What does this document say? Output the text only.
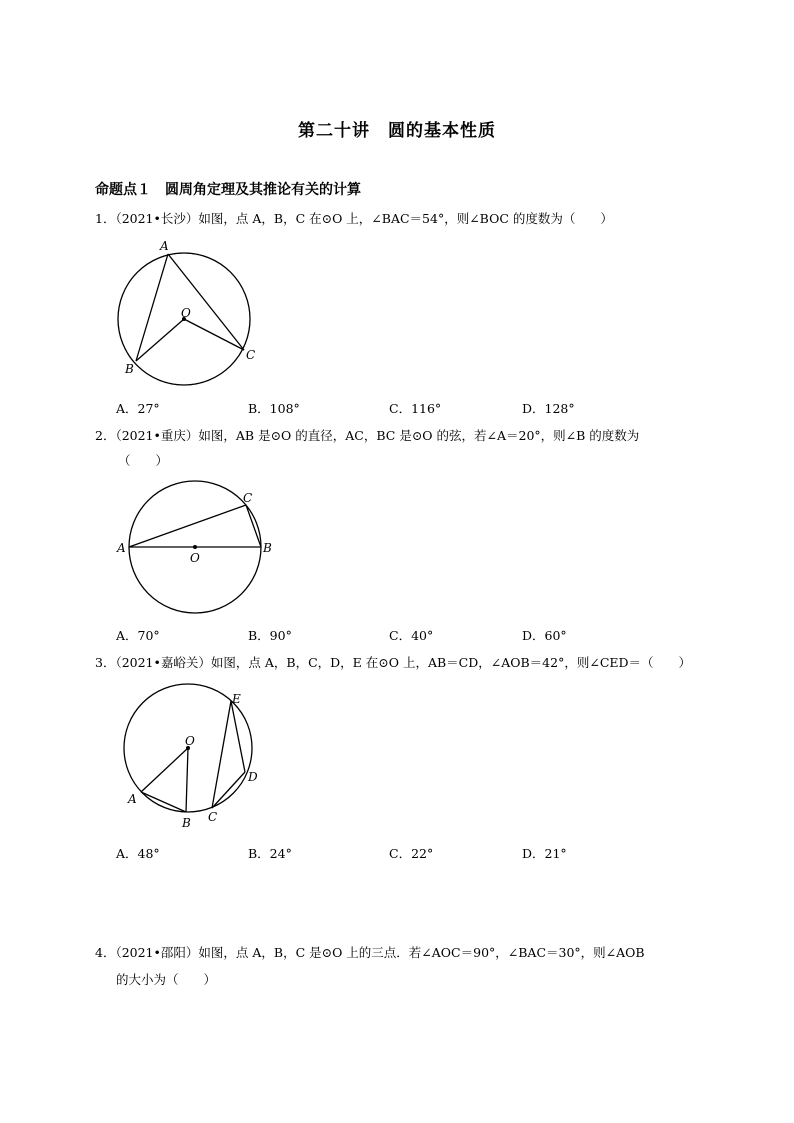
第二十讲　圆的基本性质
命题点１　圆周角定理及其推论有关的计算
1．（2021•长沙）如图，点 A，B，C 在⊙O 上，∠BAC＝54°，则∠BOC 的度数为（　　）
A
O
B
C
A．27°	B．108°	C．116°	D．128°
2．（2021•重庆）如图，AB 是⊙O 的直径，AC，BC 是⊙O 的弦，若∠A＝20°，则∠B 的度数为
（　　）
A	B
C
O
A．70°	B．90°	C．40°	D．60°
3．（2021•嘉峪关）如图，点 A，B，C，D，E 在⊙O 上，AB＝CD，∠AOB＝42°，则∠CED＝（　　）
E
O
D
A
B C
A．48°	B．24°	C．22°	D．21°
4．（2021•邵阳）如图，点 A，B，C 是⊙O 上的三点．若∠AOC＝90°，∠BAC＝30°，则∠AOB
的大小为（　　）
